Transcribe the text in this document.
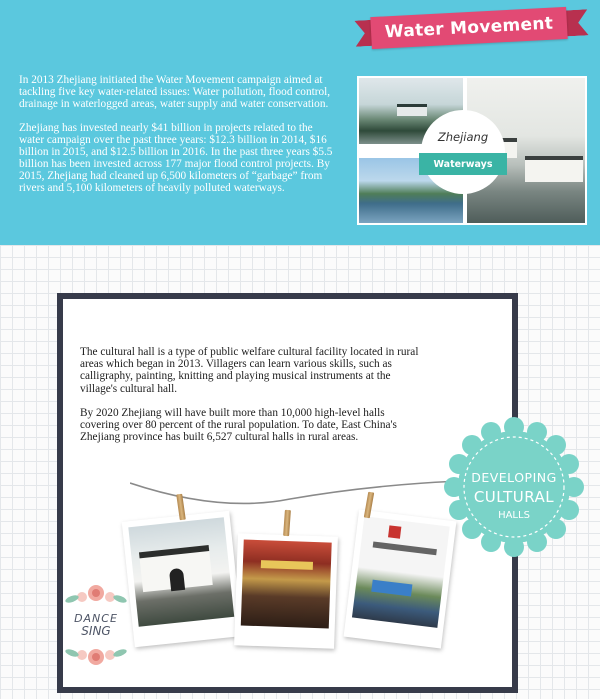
Water Movement

In 2013 Zhejiang initiated the Water Movement campaign aimed at tackling five key water-related issues: Water pollution, flood control, drainage in waterlogged areas, water supply and water conservation.

Zhejiang has invested nearly $41 billion in projects related to the water campaign over the past three years: $12.3 billion in 2014, $16 billion in 2015, and $12.5 billion in 2016. In the past three years $5.5 billion has been invested across 177 major flood control projects. By 2015, Zhejiang had cleaned up 6,500 kilometers of “garbage” from rivers and 5,100 kilometers of heavily polluted waterways.

Zhejiang
Waterways

The cultural hall is a type of public welfare cultural facility located in rural areas which began in 2013. Villagers can learn various skills, such as calligraphy, painting, knitting and playing musical instruments at the village's cultural hall.

By 2020 Zhejiang will have built more than 10,000 high-level halls covering over 80 percent of the rural population. To date, East China's Zhejiang province has built 6,527 cultural halls in rural areas.

DEVELOPING
CULTURAL
HALLS
DANCE
SING
